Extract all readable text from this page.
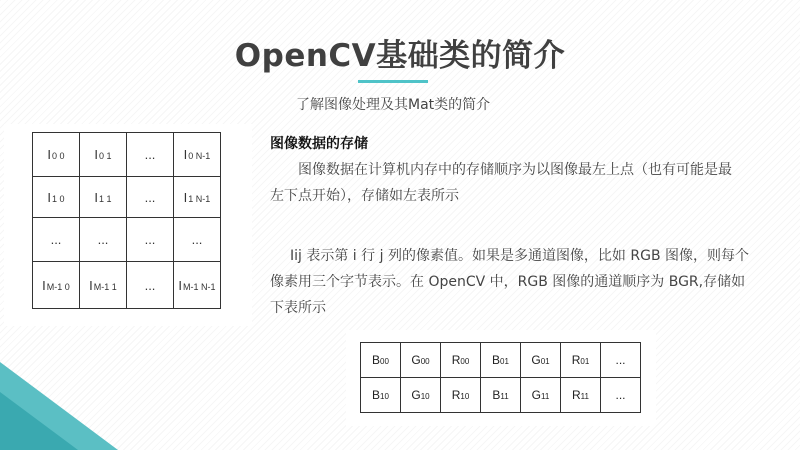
OpenCV基础类的简介
了解图像处理及其Mat类的简介
I0 0	I0 1	...	I0 N-1
I1 0	I1 1	...	I1 N-1
...	...	...	...
IM-1 0	IM-1 1	...	IM-1 N-1
图像数据的存储
图像数据在计算机内存中的存储顺序为以图像最左上点（也有可能是最左下点开始），存储如左表所示
Iij 表示第 i 行 j 列的像素值。如果是多通道图像，比如 RGB 图像，则每个像素用三个字节表示。在 OpenCV 中，RGB 图像的通道顺序为 BGR,存储如下表所示
B00	G00	R00	B01	G01	R01	...
B10	G10	R10	B11	G11	R11	...
